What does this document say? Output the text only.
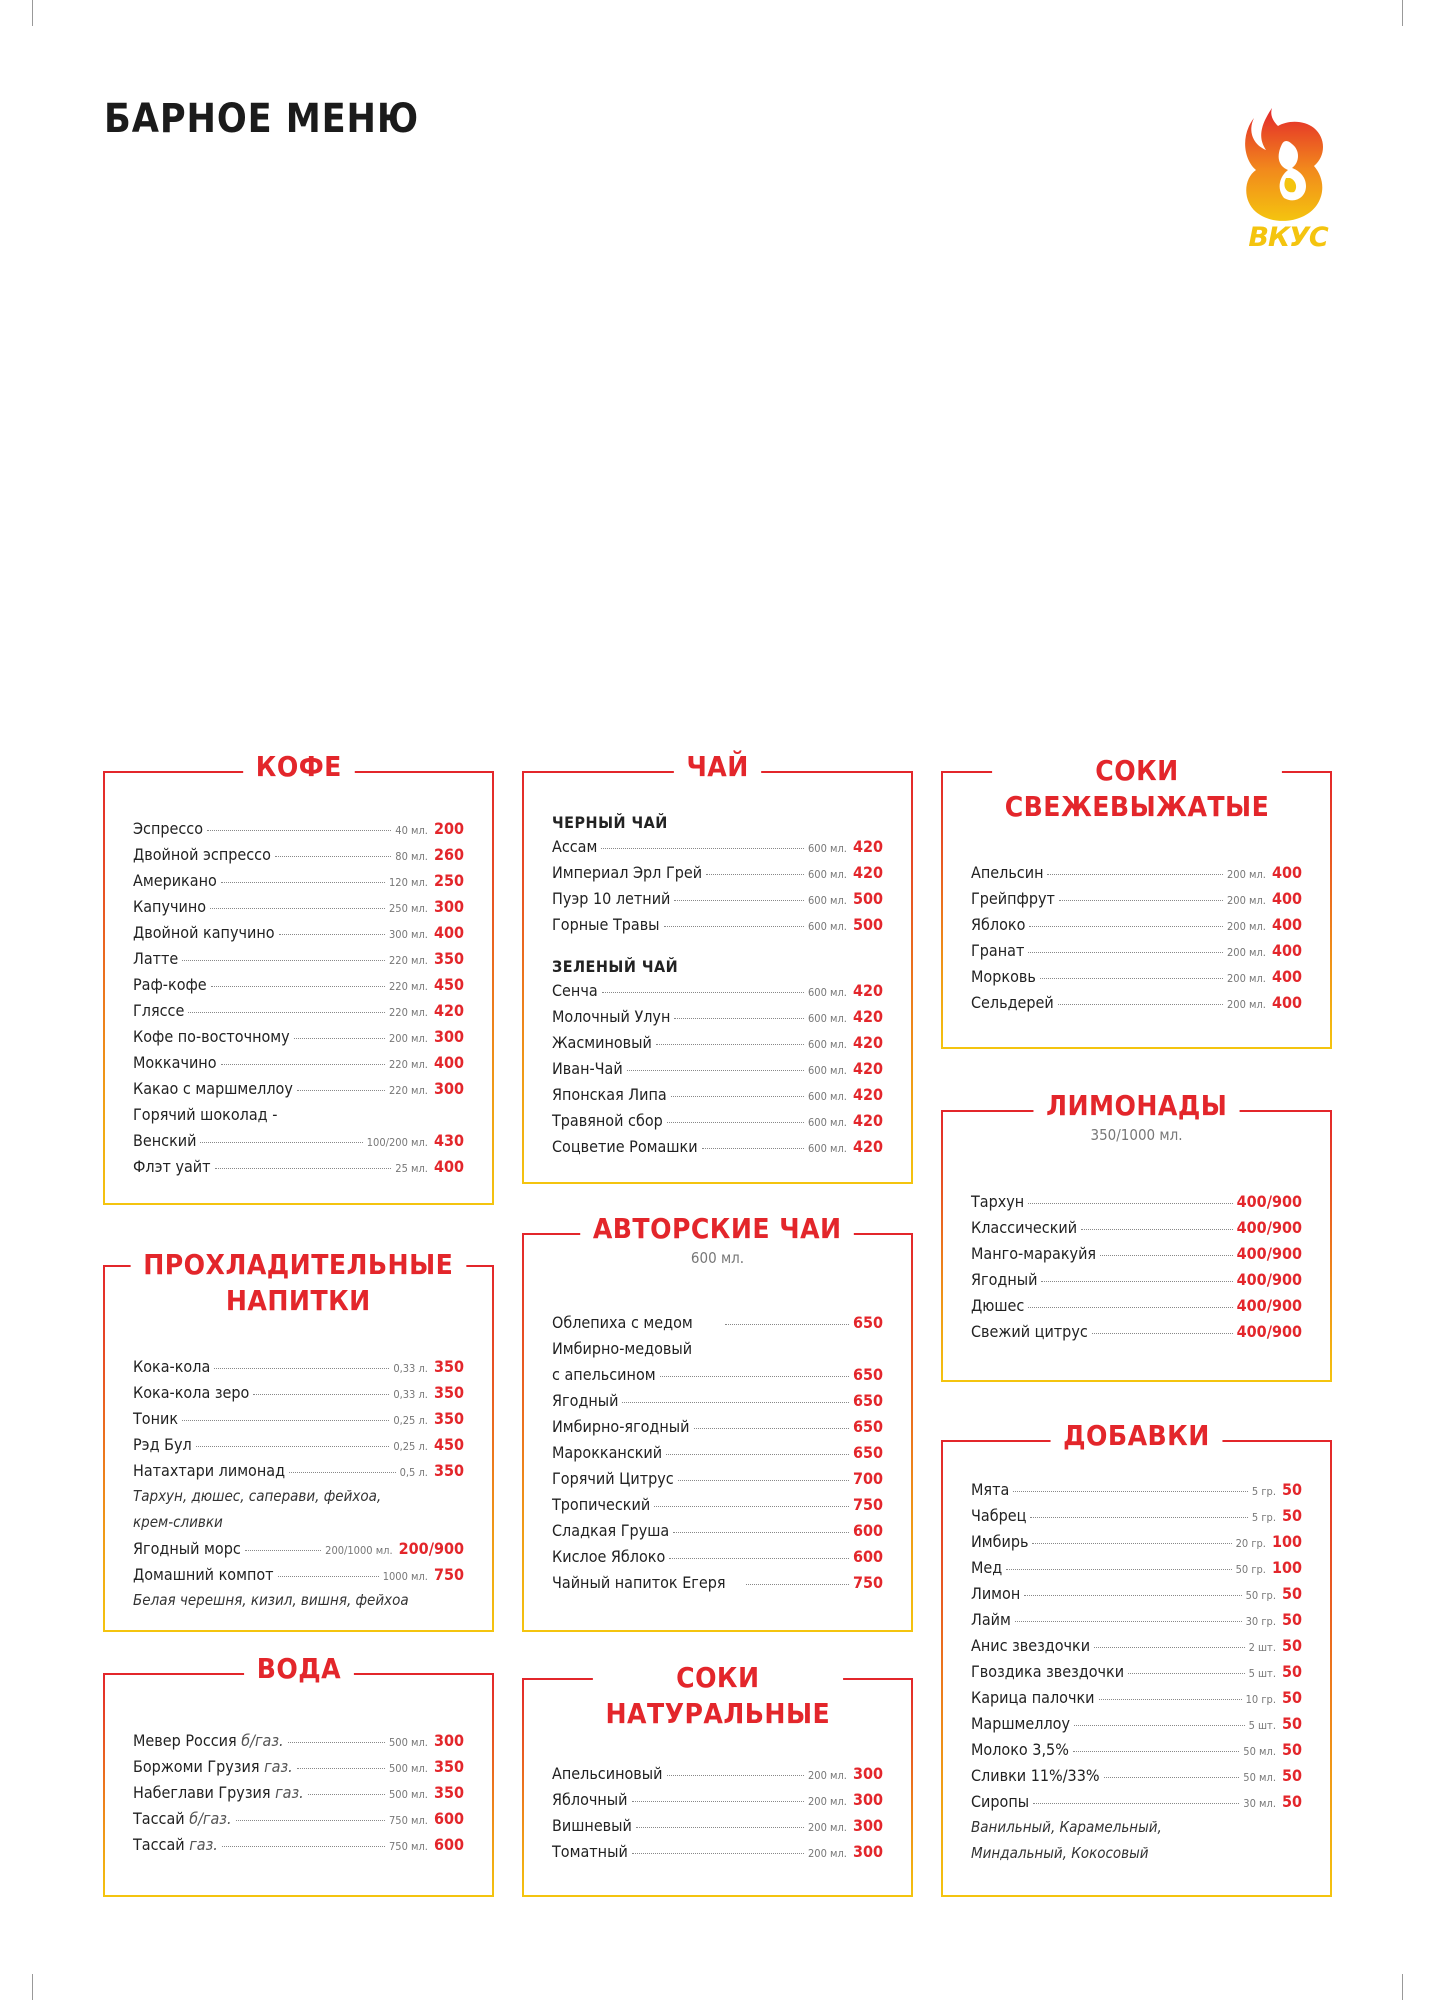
БАРНОЕ МЕНЮ
ВКУС
КОФЕ
Эспрессо	40 мл. 200
Двойной эспрессо	80 мл. 260
Американо	120 мл. 250
Капучино	250 мл. 300
Двойной капучино	300 мл. 400
Латте	220 мл. 350
Раф-кофе	220 мл. 450
Гляссе	220 мл. 420
Кофе по-восточному	200 мл. 300
Моккачино	220 мл. 400
Какао с маршмеллоу	220 мл. 300
Горячий шоколад -
Венский	100/200 мл. 430
Флэт уайт	25 мл. 400
ПРОХЛАДИТЕЛЬНЫЕ
НАПИТКИ
Кока-кола	0,33 л. 350
Кока-кола зеро	0,33 л. 350
Тоник	0,25 л. 350
Рэд Бул	0,25 л. 450
Натахтари лимонад	0,5 л. 350
Тархун, дюшес, саперави, фейхоа,
крем-сливки
Ягодный морс	200/1000 мл. 200/900
Домашний компот	1000 мл. 750
Белая черешня, кизил, вишня, фейхоа
ВОДА
Мевер Россия б/газ.	500 мл. 300
Боржоми Грузия газ.	500 мл. 350
Набеглави Грузия газ.	500 мл. 350
Тассай б/газ.	750 мл. 600
Тассай газ.	750 мл. 600
ЧАЙ
ЧЕРНЫЙ ЧАЙ
Ассам	600 мл. 420
Империал Эрл Грей	600 мл. 420
Пуэр 10 летний	600 мл. 500
Горные Травы	600 мл. 500
ЗЕЛЕНЫЙ ЧАЙ
Сенча	600 мл. 420
Молочный Улун	600 мл. 420
Жасминовый	600 мл. 420
Иван-Чай	600 мл. 420
Японская Липа	600 мл. 420
Травяной сбор	600 мл. 420
Соцветие Ромашки	600 мл. 420
АВТОРСКИЕ ЧАИ
600 мл.
Облепиха с медом	650
Имбирно-медовый
с апельсином	650
Ягодный	650
Имбирно-ягодный	650
Марокканский	650
Горячий Цитрус	700
Тропический	750
Сладкая Груша	600
Кислое Яблоко	600
Чайный напиток Егеря	750
СОКИ
НАТУРАЛЬНЫЕ
Апельсиновый	200 мл. 300
Яблочный	200 мл. 300
Вишневый	200 мл. 300
Томатный	200 мл. 300
СОКИ
СВЕЖЕВЫЖАТЫЕ
Апельсин	200 мл. 400
Грейпфрут	200 мл. 400
Яблоко	200 мл. 400
Гранат	200 мл. 400
Морковь	200 мл. 400
Сельдерей	200 мл. 400
ЛИМОНАДЫ
350/1000 мл.
Тархун	400/900
Классический	400/900
Манго-маракуйя	400/900
Ягодный	400/900
Дюшес	400/900
Свежий цитрус	400/900
ДОБАВКИ
Мята	5 гр. 50
Чабрец	5 гр. 50
Имбирь	20 гр. 100
Мед	50 гр. 100
Лимон	50 гр. 50
Лайм	30 гр. 50
Анис звездочки	2 шт. 50
Гвоздика звездочки	5 шт. 50
Карица палочки	10 гр. 50
Маршмеллоу	5 шт. 50
Молоко 3,5%	50 мл. 50
Сливки 11%/33%	50 мл. 50
Сиропы	30 мл. 50
Ванильный, Карамельный,
Миндальный, Кокосовый
